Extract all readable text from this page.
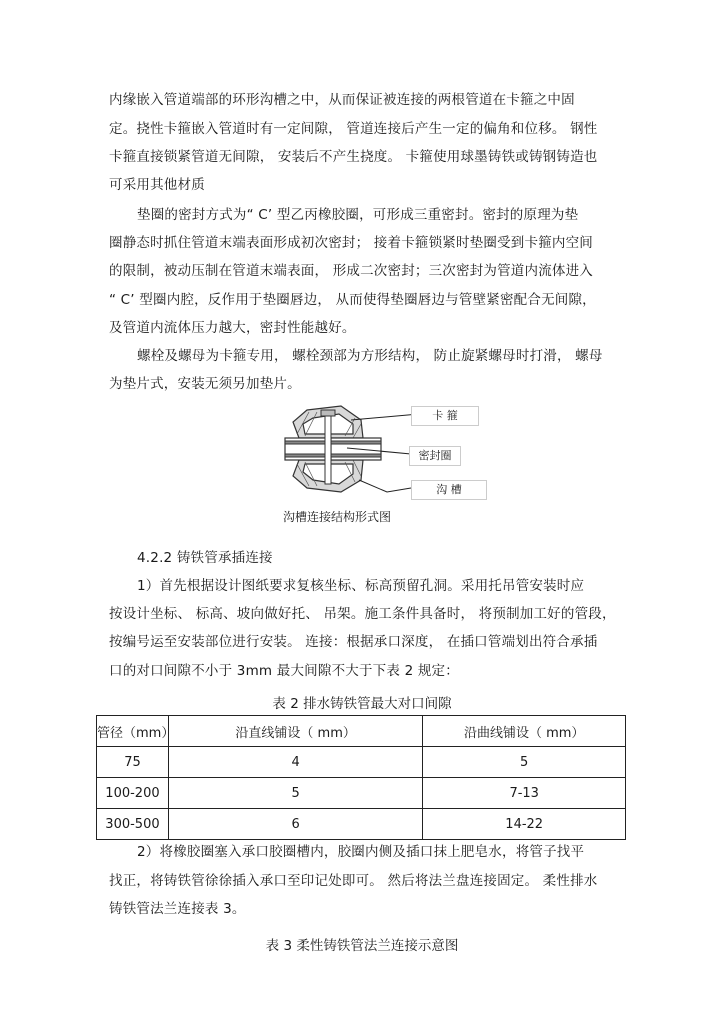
内缘嵌入管道端部的环形沟槽之中，从而保证被连接的两根管道在卡箍之中固
定。挠性卡箍嵌入管道时有一定间隙， 管道连接后产生一定的偏角和位移。 钢性
卡箍直接锁紧管道无间隙， 安装后不产生挠度。 卡箍使用球墨铸铁或铸钢铸造也
可采用其他材质
垫圈的密封方式为“ C’ 型乙丙橡胶圈，可形成三重密封。密封的原理为垫
圈静态时抓住管道末端表面形成初次密封； 接着卡箍锁紧时垫圈受到卡箍内空间
的限制，被动压制在管道末端表面， 形成二次密封；三次密封为管道内流体进入
“ C’ 型圈内腔，反作用于垫圈唇边， 从而使得垫圈唇边与管壁紧密配合无间隙，
及管道内流体压力越大，密封性能越好。
螺栓及螺母为卡箍专用， 螺栓颈部为方形结构， 防止旋紧螺母时打滑， 螺母
为垫片式，安装无须另加垫片。
卡 箍
密封圈
沟 槽
沟槽连接结构形式图
4.2.2 铸铁管承插连接
1）首先根据设计图纸要求复核坐标、标高预留孔洞。采用托吊管安装时应
按设计坐标、 标高、坡向做好托、 吊架。施工条件具备时， 将预制加工好的管段，
按编号运至安装部位进行安装。 连接：根据承口深度， 在插口管端划出符合承插
口的对口间隙不小于 3mm 最大间隙不大于下表 2 规定：
表 2 排水铸铁管最大对口间隙
管径（mm）	沿直线铺设（ mm）	沿曲线铺设（ mm）
75	4	5
100-200	5	7-13
300-500	6	14-22
2）将橡胶圈塞入承口胶圈槽内，胶圈内侧及插口抹上肥皂水，将管子找平
找正，将铸铁管徐徐插入承口至印记处即可。 然后将法兰盘连接固定。 柔性排水
铸铁管法兰连接表 3。
表 3 柔性铸铁管法兰连接示意图
